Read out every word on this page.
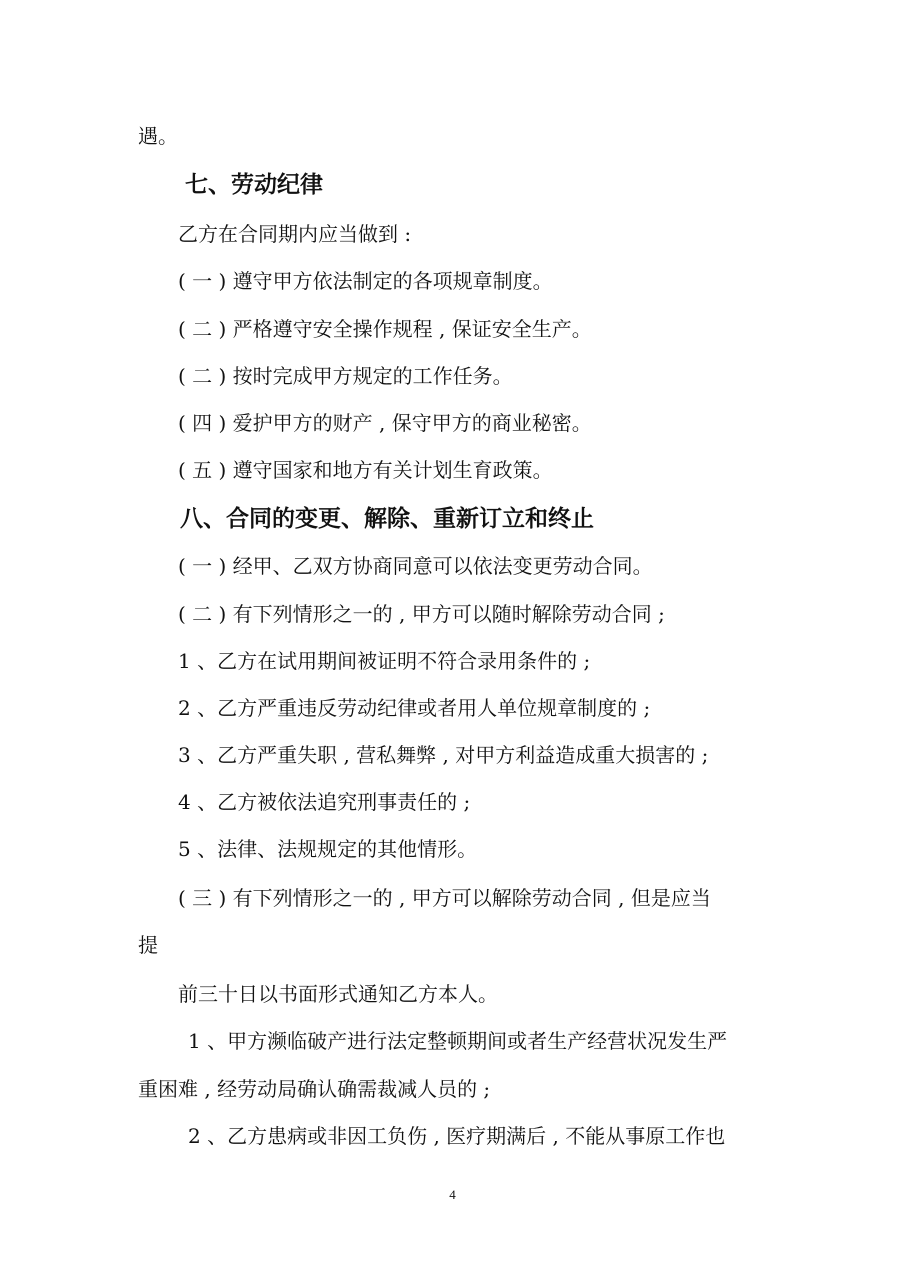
遇。
七、劳动纪律
乙方在合同期内应当做到 :
( 一 ) 遵守甲方依法制定的各项规章制度。
( 二 ) 严格遵守安全操作规程 , 保证安全生产。
( 二 ) 按时完成甲方规定的工作任务。
( 四 ) 爱护甲方的财产 , 保守甲方的商业秘密。
( 五 ) 遵守国家和地方有关计划生育政策。
八、合同的变更、解除、重新订立和终止
( 一 ) 经甲、乙双方协商同意可以依法变更劳动合同。
( 二 ) 有下列情形之一的 , 甲方可以随时解除劳动合同 ;
1 、乙方在试用期间被证明不符合录用条件的 ;
2 、乙方严重违反劳动纪律或者用人单位规章制度的 ;
3 、乙方严重失职 , 营私舞弊 , 对甲方利益造成重大损害的 ;
4 、乙方被依法追究刑事责任的 ;
5 、法律、法规规定的其他情形。
( 三 ) 有下列情形之一的 , 甲方可以解除劳动合同 , 但是应当
提
前三十日以书面形式通知乙方本人。
1 、甲方濒临破产进行法定整顿期间或者生产经营状况发生严
重困难 , 经劳动局确认确需裁减人员的 ;
2 、乙方患病或非因工负伤 , 医疗期满后 , 不能从事原工作也
4
